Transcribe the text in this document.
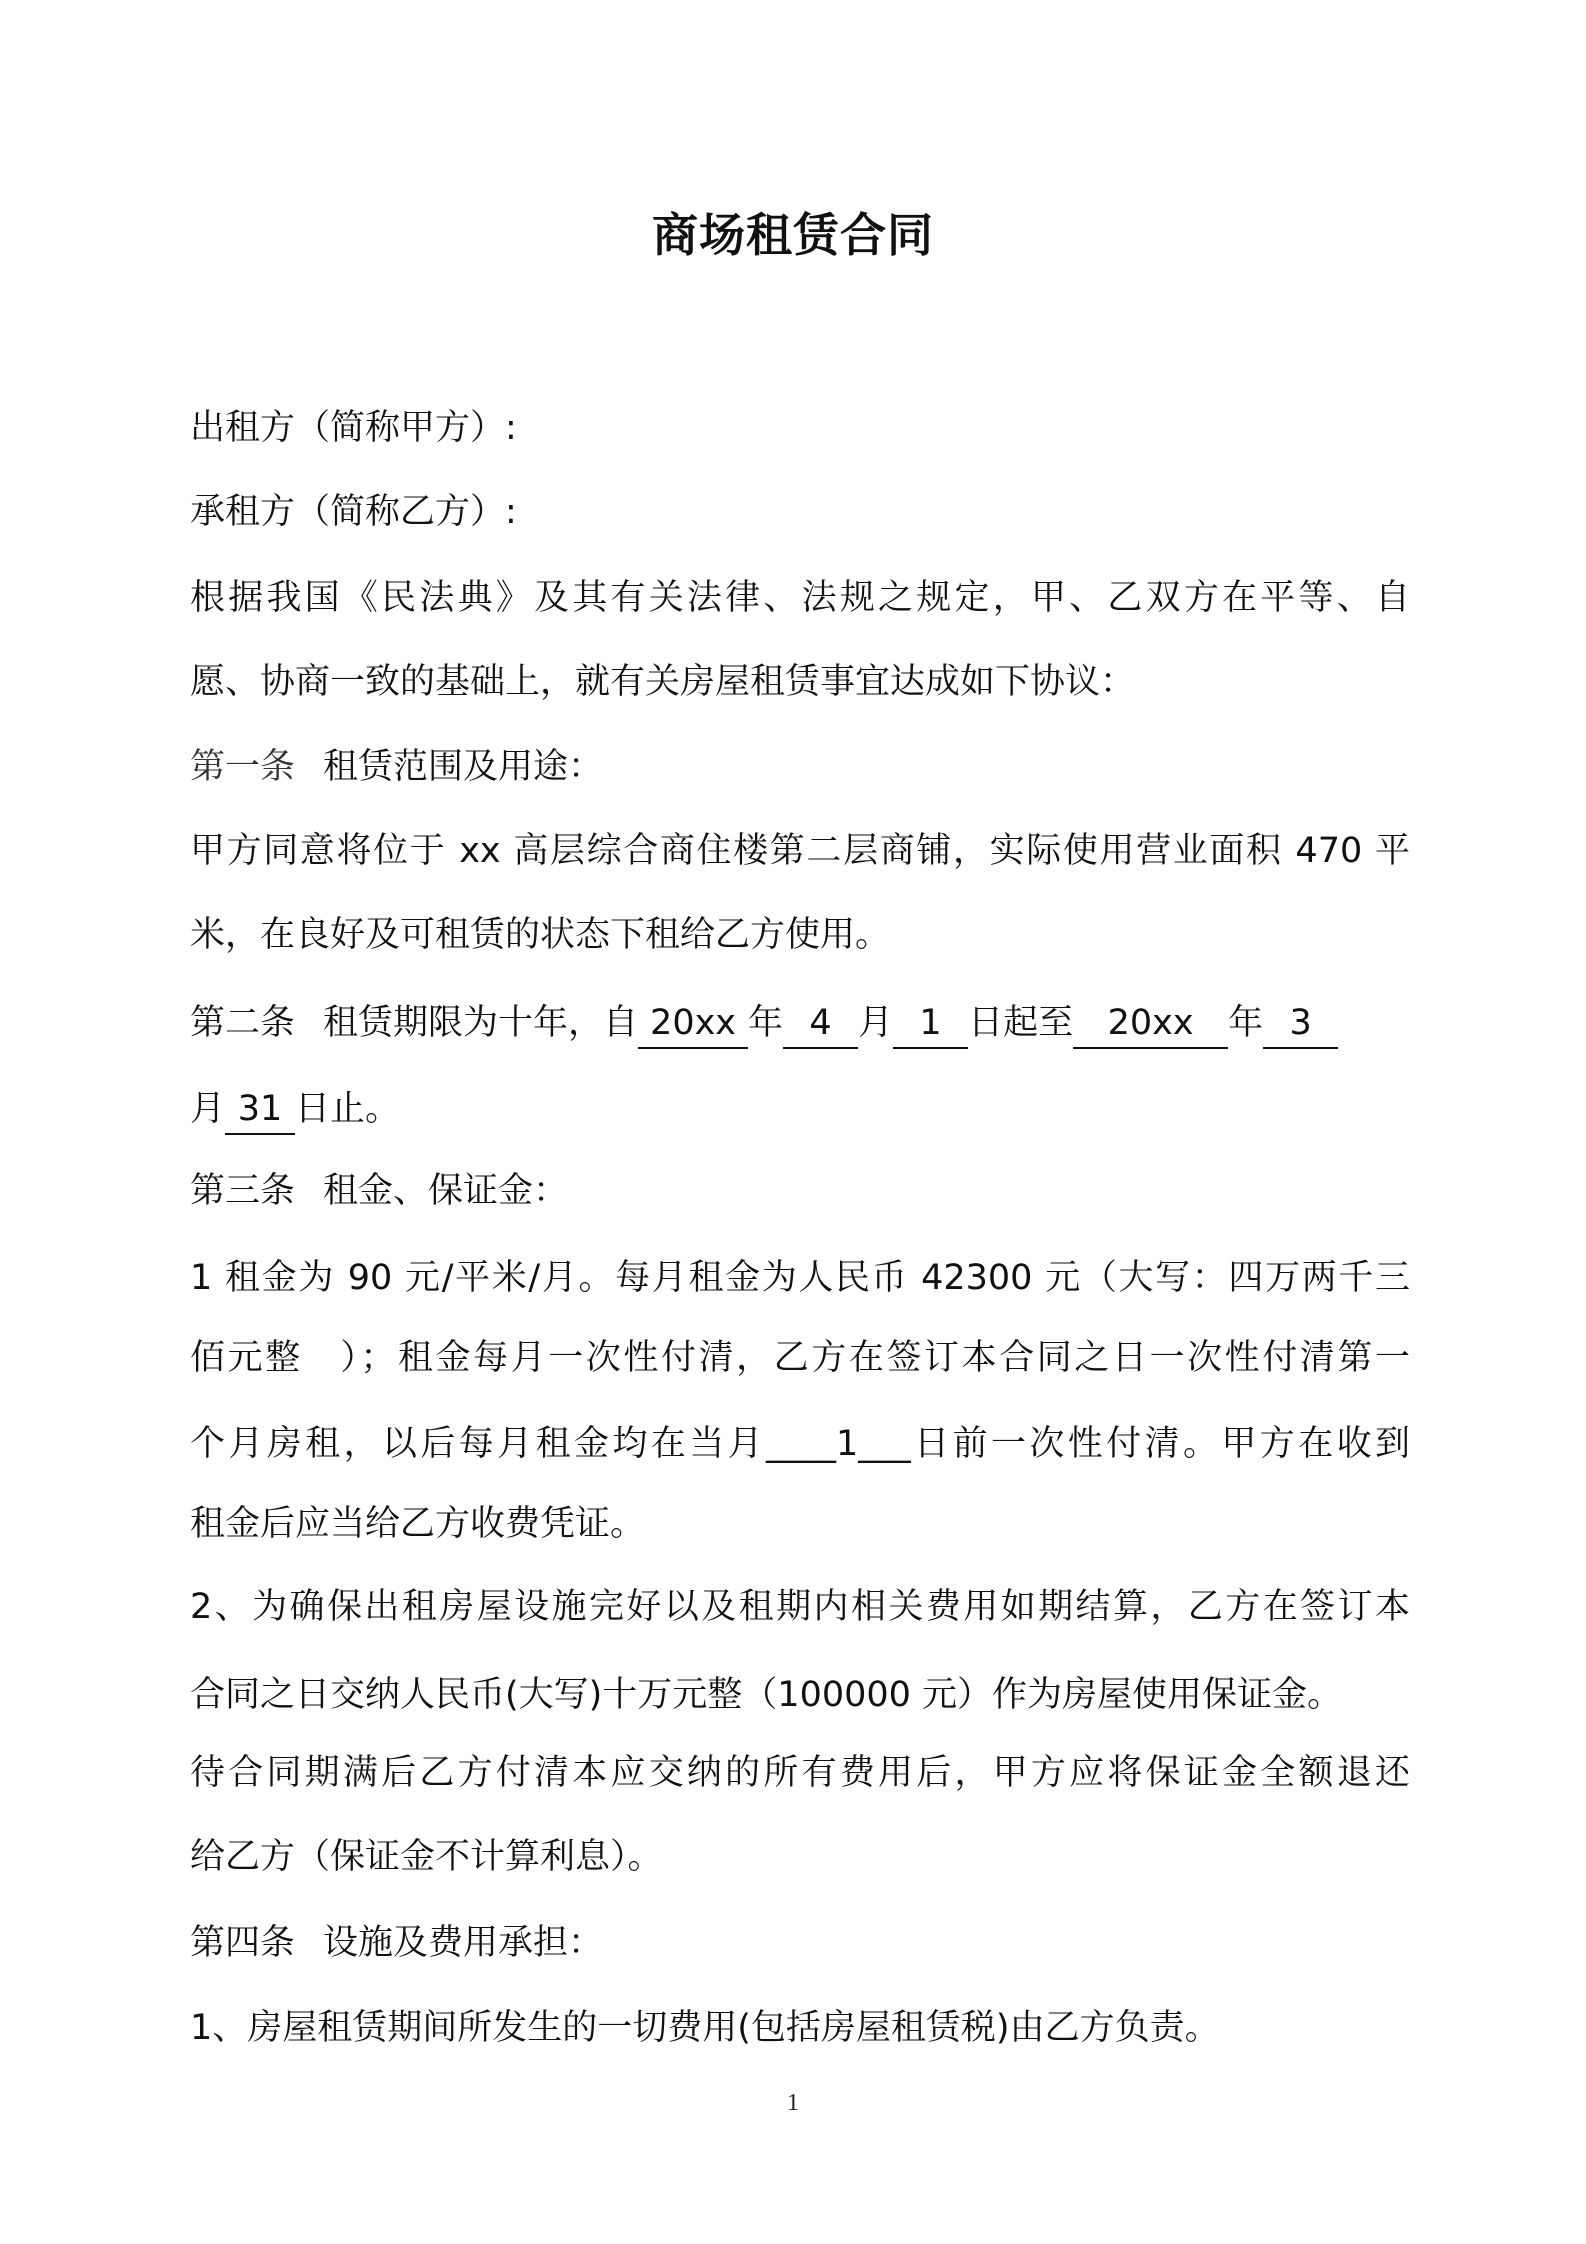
商场租赁合同
出租方（简称甲方）:
承租方（简称乙方）:
根据我国《民法典》及其有关法律、法规之规定，甲、乙双方在平等、自
愿、协商一致的基础上，就有关房屋租赁事宜达成如下协议：
第一条 租赁范围及用途：
甲方同意将位于 xx 高层综合商住楼第二层商铺，实际使用营业面积 470 平
米，在良好及可租赁的状态下租给乙方使用。
第二条 租赁期限为十年，自 20xx 年 4 月 1 日起至 20xx 年 3
月 31 日止。
第三条 租金、保证金：
1 租金为 90 元/平米/月。每月租金为人民币 42300 元（大写：四万两千三
佰元整　）；租金每月一次性付清，乙方在签订本合同之日一次性付清第一
个月房租，以后每月租金均在当月____1___日前一次性付清。甲方在收到
租金后应当给乙方收费凭证。
2、为确保出租房屋设施完好以及租期内相关费用如期结算，乙方在签订本
合同之日交纳人民币(大写)十万元整（100000 元）作为房屋使用保证金。
待合同期满后乙方付清本应交纳的所有费用后，甲方应将保证金全额退还
给乙方（保证金不计算利息）。
第四条 设施及费用承担：
1、房屋租赁期间所发生的一切费用(包括房屋租赁税)由乙方负责。
1
